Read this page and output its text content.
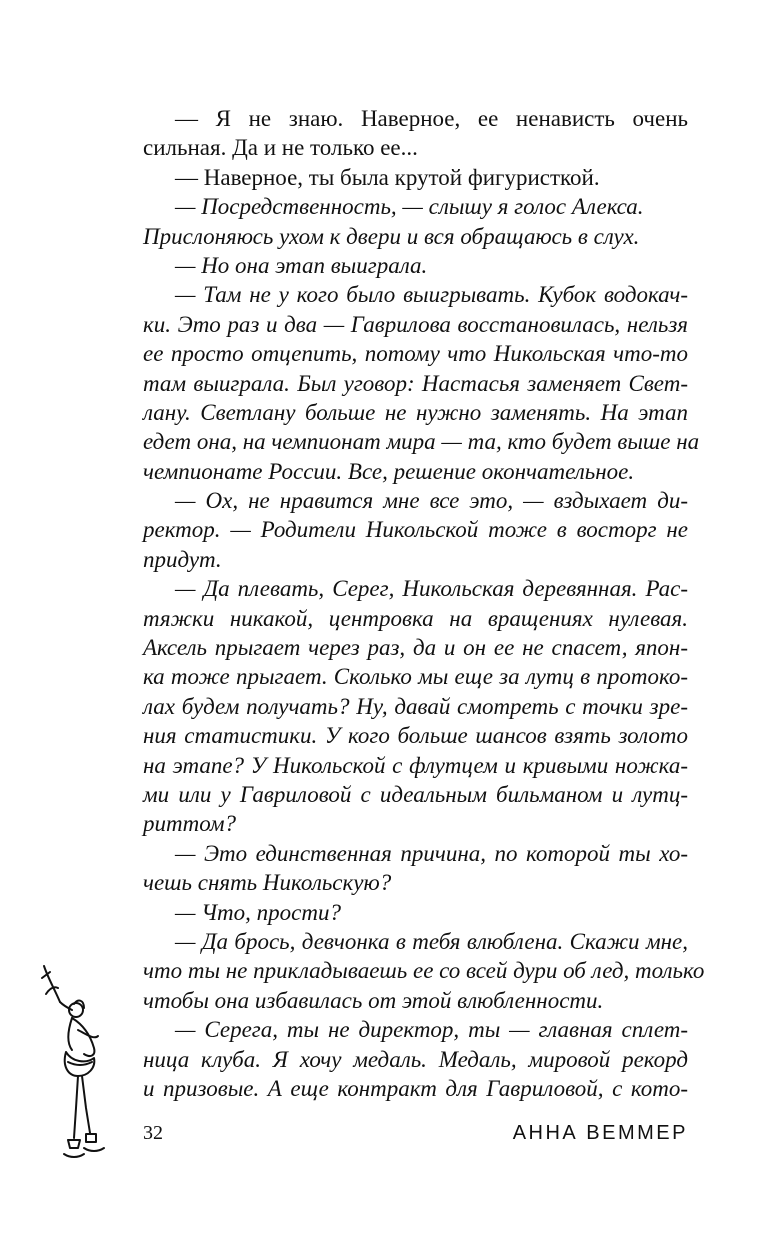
— Я не знаю. Наверное, ее ненависть очень
сильная. Да и не только ее...
— Наверное, ты была крутой фигуристкой.
— Посредственность, — слышу я голос Алекса.
Прислоняюсь ухом к двери и вся обращаюсь в слух.
— Но она этап выиграла.
— Там не у кого было выигрывать. Кубок водокач-
ки. Это раз и два — Гаврилова восстановилась, нельзя
ее просто отцепить, потому что Никольская что-то
там выиграла. Был уговор: Настасья заменяет Свет-
лану. Светлану больше не нужно заменять. На этап
едет она, на чемпионат мира — та, кто будет выше на
чемпионате России. Все, решение окончательное.
— Ох, не нравится мне все это, — вздыхает ди-
ректор. — Родители Никольской тоже в восторг не
придут.
— Да плевать, Серег, Никольская деревянная. Рас-
тяжки никакой, центровка на вращениях нулевая.
Аксель прыгает через раз, да и он ее не спасет, япон-
ка тоже прыгает. Сколько мы еще за лутц в протоко-
лах будем получать? Ну, давай смотреть с точки зре-
ния статистики. У кого больше шансов взять золото
на этапе? У Никольской с флутцем и кривыми ножка-
ми или у Гавриловой с идеальным бильманом и лутц-
риттом?
— Это единственная причина, по которой ты хо-
чешь снять Никольскую?
— Что, прости?
— Да брось, девчонка в тебя влюблена. Скажи мне,
что ты не прикладываешь ее со всей дури об лед, только
чтобы она избавилась от этой влюбленности.
— Серега, ты не директор, ты — главная сплет-
ница клуба. Я хочу медаль. Медаль, мировой рекорд
и призовые. А еще контракт для Гавриловой, с кото-
32	АННА ВЕММЕР
